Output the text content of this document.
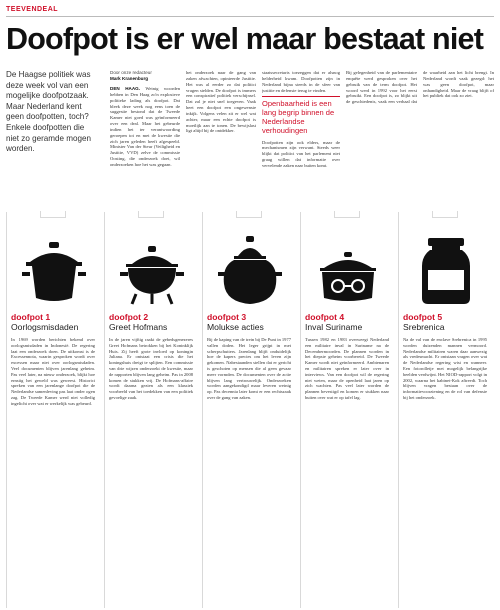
TEEVENDEAL
Doofpot is er wel maar bestaat niet

De Haagse politiek was deze week vol van een mogelijke doofpotzaak. Maar Nederland kent geen doofpotten, toch? Enkele doofpotten die niet zo geramde mogen worden.

Door onze redacteur
Mark Kranenburg
DEN HAAG. Weinig woorden hebben in Den Haag zo'n explosieve politieke lading als doofpot. Dat bleek deze week nog eens toen de suggestie bestond dat de Tweede Kamer niet goed was geïnformeerd over een deal. Maar het gebeurde indien het ter verantwoording geroepen tot en met de kwestie die zich jaren geleden heeft afgespeeld. Minister Van der Steur (Veiligheid en Justitie, VVD) zelve de commissie Oosting, die onderzoek doet, wil onderzoeken hoe het was gegaan.
het onderzoek naar de gang van zaken afwachten, opinieerde Justitie. Het was al eerder zo dat politici vragen stelden. De doofpot is immers een conspiratief politiek verschijnsel. Dat zal je niet snel toegeven. Vaak heet een doofpot een ongewenste inkijk. Volgens velen zit er wel wat achter, maar een echte doofpot is moeilijk aan te tonen. De bewijslast ligt altijd bij de ontdekker.
staatssecretaris toezeggen dat er alsnog helderheid kwam. Doofpotten zijn in Nederland bijna steeds in de sfeer van justitie en defensie terug te vinden.
Openbaarheid is een lang begrip binnen de Nederlandse verhoudingen
Doofpotten zijn ook elders, maar de mechanismen zijn verwant. Steeds weer blijkt dat politici van het parlement niet graag willen dat informatie over vervelende zaken naar buiten komt.
Bij gelegenheid van de parlementaire enquête werd gesproken over het gebruik van de term doofpot. Het woord werd in 1992 voor het eerst gebruikt. Een doofpot is, zo blijkt uit de geschiedenis, vaak een verhaal dat de waarheid aan het licht brengt. In Nederland wordt vaak gezegd: het was geen doofpot, maar onhandigheid. Maar de vraag blijft of het publiek dat ook zo ziet.
doofpot 1
Oorlogsmisdaden
In 1969 worden berichten bekend over oorlogsmisdaden in Indonesië. De regering laat een onderzoek doen. De uitkomst is de Excessennota, waarin gesproken wordt over excessen maar niet over oorlogsmisdaden. Veel documenten blijven jarenlang geheim. Pas veel later, na nieuw onderzoek, blijkt hoe ernstig het geweld was geweest. Historici spreken van een jarenlange doofpot die de Nederlandse samenleving pas laat onder ogen zag. De Tweede Kamer werd niet volledig ingelicht over wat er werkelijk was gebeurd.
doofpot 2
Greet Hofmans
In de jaren vijftig raakt de gebedsgenezeres Greet Hofmans betrokken bij het Koninklijk Huis. Zij heeft grote invloed op koningin Juliana. Er ontstaat een crisis die het koningshuis dreigt te splijten. Een commissie van drie wijzen onderzoekt de kwestie, maar de rapporten blijven lang geheim. Pas in 2008 komen de stukken vrij. De Hofmans-affaire wordt daarna gezien als een klassiek voorbeeld van het toedekken van een politiek gevoelige zaak.
doofpot 3
Molukse acties
Bij de kaping van de trein bij De Punt in 1977 vallen doden. Het leger grijpt in met scherpschutters. Jarenlang blijft onduidelijk hoe de kapers precies om het leven zijn gekomen. Nabestaanden stellen dat er gericht is geschoten op mensen die al geen gevaar meer vormden. De documenten over de actie blijven lang vertrouwelijk. Onderzoeken worden aangekondigd maar leveren weinig op. Pas decennia later komt er een rechtszaak over de gang van zaken.
doofpot 4
Inval Suriname
Tussen 1982 en 1983 overweegt Nederland een militaire inval in Suriname na de Decembermoorden. De plannen worden in het diepste geheim voorbereid. De Tweede Kamer wordt niet geïnformeerd. Ambtenaren en militairen spreken er later over in interviews. Van een doofpot wil de regering niet weten, maar de openheid laat jaren op zich wachten. Pas veel later worden de plannen bevestigd en komen er stukken naar buiten over wat er op tafel lag.
doofpot 5
Srebrenica
Na de val van de enclave Srebrenica in 1995 worden duizenden mannen vermoord. Nederlandse militairen waren daar aanwezig als vredesmacht. Er ontstaan vragen over wat de Nederlandse regering wist en wanneer. Een fotorolletje met mogelijk belangrijke beelden verdwijnt. Het NIOD-rapport volgt in 2002, waarna het kabinet-Kok aftreedt. Toch blijven vragen bestaan over de informatievoorziening en de rol van defensie bij het onderzoek.
